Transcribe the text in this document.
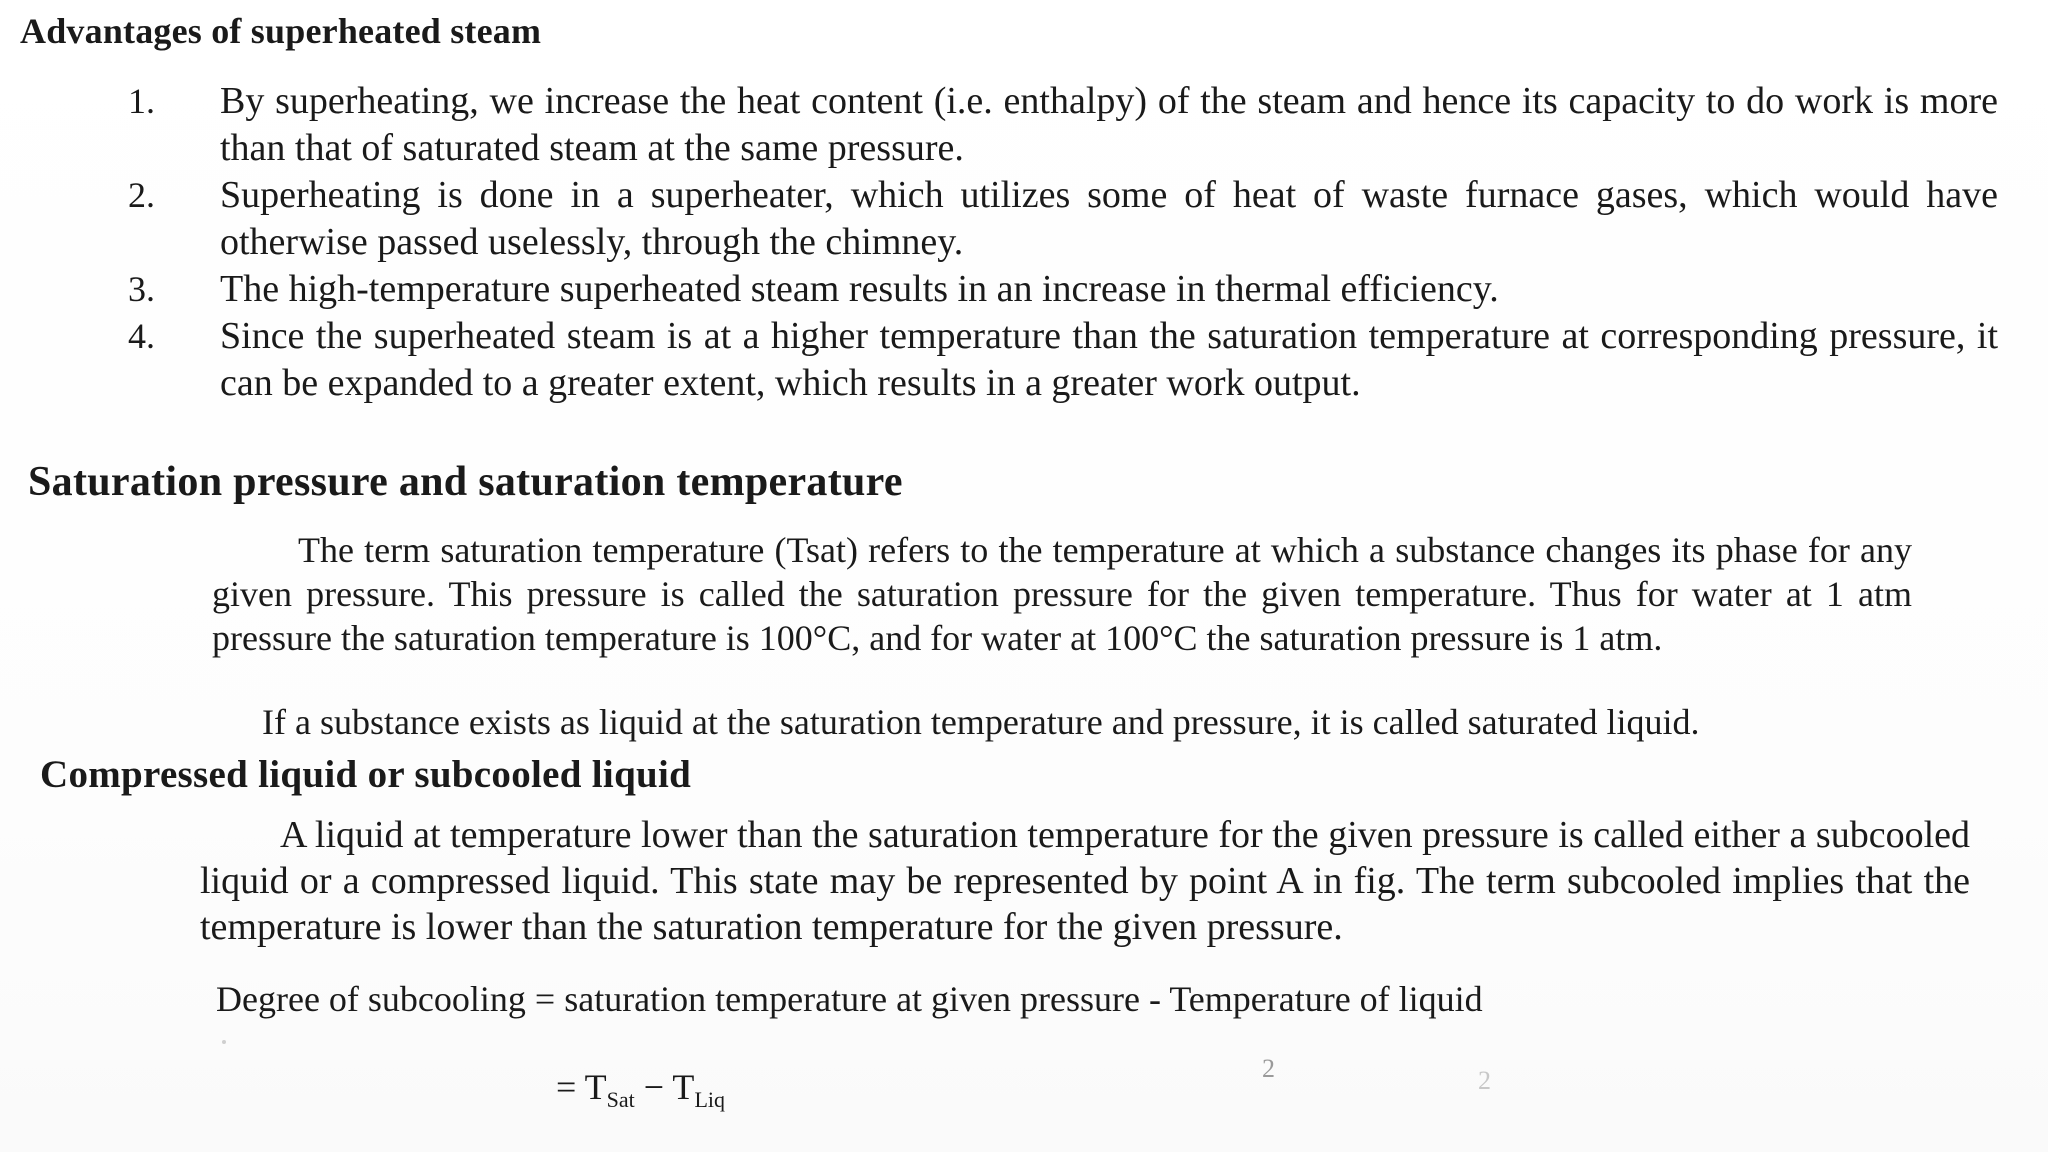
Advantages of superheated steam
1.	By superheating, we increase the heat content (i.e. enthalpy) of the steam and hence its capacity to do work is more than that of saturated steam at the same pressure.
2.	Superheating is done in a superheater, which utilizes some of heat of waste furnace gases, which would have otherwise passed uselessly, through the chimney.
3.	The high-temperature superheated steam results in an increase in thermal efficiency.
4.	Since the superheated steam is at a higher temperature than the saturation temperature at corresponding pressure, it can be expanded to a greater extent, which results in a greater work output.
Saturation pressure and saturation temperature
The term saturation temperature (Tsat) refers to the temperature at which a substance changes its phase for any given pressure. This pressure is called the saturation pressure for the given temperature. Thus for water at 1 atm pressure the saturation temperature is 100°C, and for water at 100°C the saturation pressure is 1 atm.
If a substance exists as liquid at the saturation temperature and pressure, it is called saturated liquid.
Compressed liquid or subcooled liquid
A liquid at temperature lower than the saturation temperature for the given pressure is called either a subcooled liquid or a compressed liquid. This state may be represented by point A in fig. The term subcooled implies that the temperature is lower than the saturation temperature for the given pressure.
Degree of subcooling = saturation temperature at given pressure - Temperature of liquid
= $T_{Sat} - T_{Liq}$
2	2
